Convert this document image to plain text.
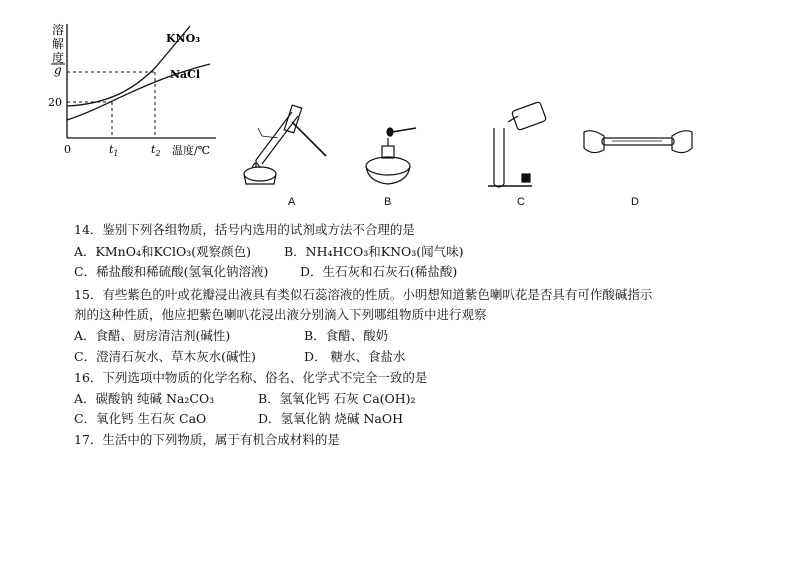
溶
解
度
g
KNO₃
NaCl
20
0	$t_1$	$t_2$ 温度/℃
A	B	C	D
14．鉴别下列各组物质，括号内选用的试剂或方法不合理的是
A．KMnO₄和KClO₃(观察颜色)	B．NH₄HCO₃和KNO₃(闻气味)
C．稀盐酸和稀硫酸(氢氧化钠溶液)	D．生石灰和石灰石(稀盐酸)
15．有些紫色的叶或花瓣浸出液具有类似石蕊溶液的性质。小明想知道紫色喇叭花是否具有可作酸碱指示
剂的这种性质，他应把紫色喇叭花浸出液分别滴入下列哪组物质中进行观察
A．食醋、厨房清洁剂(碱性)	B．食醋、酸奶
C．澄清石灰水、草木灰水(碱性)	D． 糖水、食盐水
16．下列选项中物质的化学名称、俗名、化学式不完全一致的是
A．碳酸钠 纯碱 Na₂CO₃	B．氢氧化钙 石灰 Ca(OH)₂
C．氧化钙 生石灰 CaO	D．氢氧化钠 烧碱 NaOH
17．生活中的下列物质，属于有机合成材料的是
